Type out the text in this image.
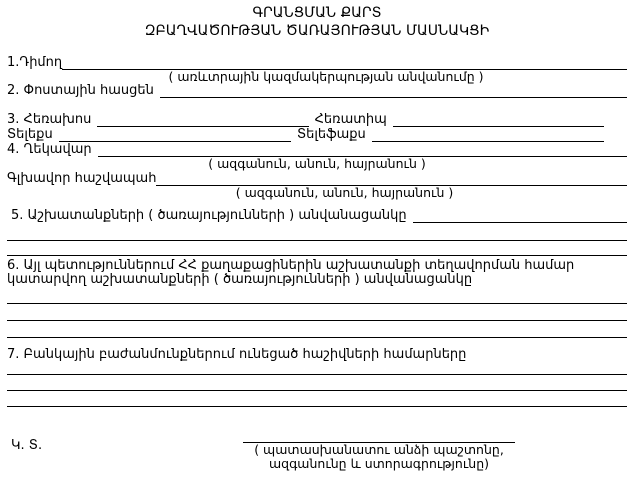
ԳՐԱՆՑՄԱՆ ՔԱՐՏ
ԶԲԱՂՎԱԾՈՒԹՅԱՆ ԾԱՌԱՅՈՒԹՅԱՆ ՄԱՍՆԱԿՑԻ
1.Դիմող
( առևտրային կազմակերպության անվանումը )
2. Փոստային հասցեն
3. Հեռախոս	Հեռատիպ
Տելեքս	Տելեֆաքս
4. Ղեկավար
( ազգանուն, անուն, հայրանուն )
Գլխավոր հաշվապահ
( ազգանուն, անուն, հայրանուն )
5. Աշխատանքների ( ծառայությունների ) անվանացանկը
6. Այլ պետություններում ՀՀ քաղաքացիներին աշխատանքի տեղավորման համար
կատարվող աշխատանքների ( ծառայությունների ) անվանացանկը
7. Բանկային բաժանմունքներում ունեցած հաշիվների համարները
Կ. Տ.	( պատասխանատու անձի պաշտոնը,
ազգանունը և ստորագրությունը)
